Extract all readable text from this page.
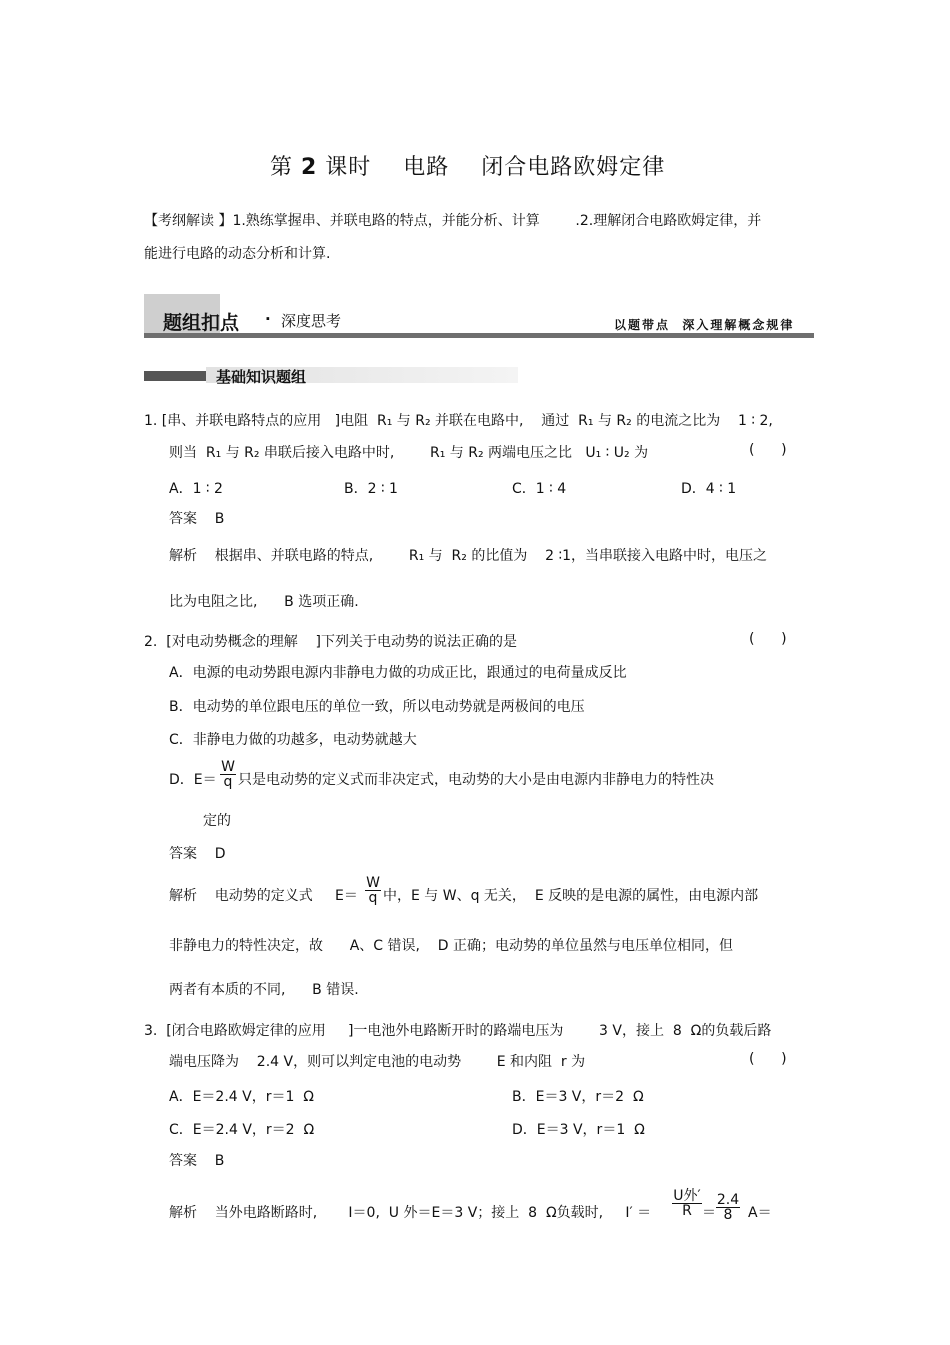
第 2 课时    电路    闭合电路欧姆定律
【考纲解读 】1.熟练掌握串、并联电路的特点，并能分析、计算        .2.理解闭合电路欧姆定律，并
能进行电路的动态分析和计算.
题组扣点 · 深度思考	以题带点  深入理解概念规律
基础知识题组
1. [串、并联电路特点的应用   ]电阻  R₁ 与 R₂ 并联在电路中,    通过  R₁ 与 R₂ 的电流之比为    1 ∶ 2,
则当  R₁ 与 R₂ 串联后接入电路中时,        R₁ 与 R₂ 两端电压之比   U₁ ∶ U₂ 为	(      )
A．1 ∶ 2	B．2 ∶ 1	C．1 ∶ 4	D．4 ∶ 1
答案    B
解析    根据串、并联电路的特点,        R₁ 与  R₂ 的比值为    2 ∶1，当串联接入电路中时，电压之
比为电阻之比,      B 选项正确.
2.  [对电动势概念的理解    ]下列关于电动势的说法正确的是	(      )
A．电源的电动势跟电源内非静电力做的功成正比，跟通过的电荷量成反比
B．电动势的单位跟电压的单位一致，所以电动势就是两极间的电压
C．非静电力做的功越多，电动势就越大
D．$E= \frac{W}{q}$ 只是电动势的定义式而非决定式，电动势的大小是由电源内非静电力的特性决
定的
答案    D
解析    电动势的定义式     $E= \frac{W}{q}$ 中，E 与 W、q 无关，  E 反映的是电源的属性，由电源内部
非静电力的特性决定，故      A、C 错误,    D 正确；电动势的单位虽然与电压单位相同，但
两者有本质的不同,      B 错误.
3.  [闭合电路欧姆定律的应用     ]一电池外电路断开时的路端电压为        3 V，接上  8  Ω的负载后路
端电压降为    2.4 V，则可以判定电池的电动势        E 和内阻  r 为	(      )
A．E＝2.4 V，r＝1  Ω	B．E＝3 V，r＝2  Ω
C．E＝2.4 V，r＝2  Ω	D．E＝3 V，r＝1  Ω
答案    B
解析    当外电路断路时,       I＝0,  U 外＝E＝3 V；接上  8  Ω负载时,     I′ ＝
U外′
$R = \frac{2.4}{8} A=$
